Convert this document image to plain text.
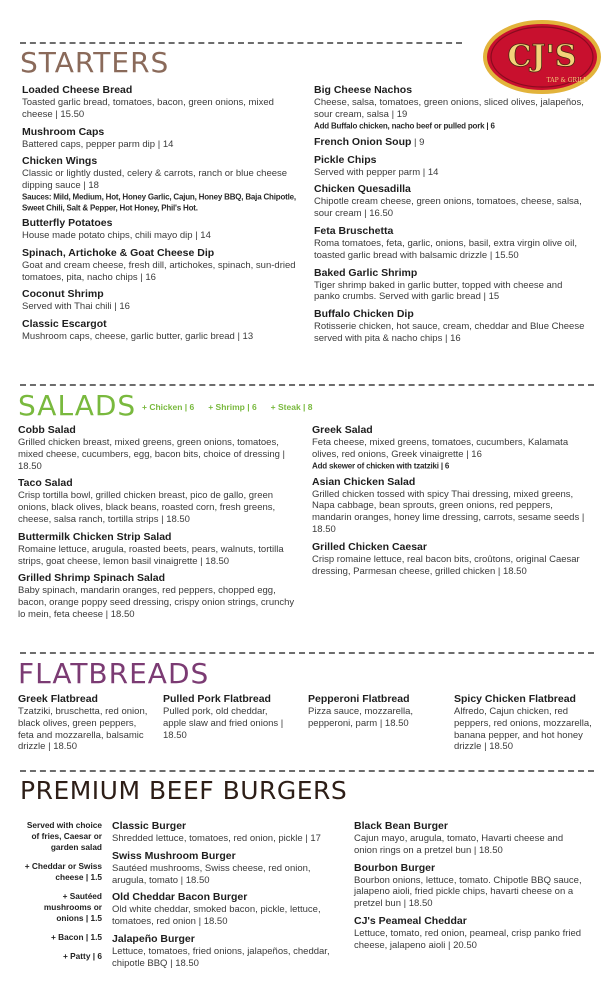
CJ'S
TAP & GRILL
STARTERS
Loaded Cheese Bread
Toasted garlic bread, tomatoes, bacon, green onions, mixed cheese | 15.50
Mushroom Caps
Battered caps, pepper parm dip | 14
Chicken Wings
Classic or lightly dusted, celery & carrots, ranch or blue cheese dipping sauce | 18
Sauces: Mild, Medium, Hot, Honey Garlic, Cajun, Honey BBQ, Baja Chipotle, Sweet Chili, Salt & Pepper, Hot Honey, Phil's Hot.
Butterfly Potatoes
House made potato chips, chili mayo dip | 14
Spinach, Artichoke & Goat Cheese Dip
Goat and cream cheese, fresh dill, artichokes, spinach, sun-dried tomatoes, pita, nacho chips | 16
Coconut Shrimp
Served with Thai chili | 16
Classic Escargot
Mushroom caps, cheese, garlic butter, garlic bread | 13
Big Cheese Nachos
Cheese, salsa, tomatoes, green onions, sliced olives, jalapeños, sour cream, salsa | 19
Add Buffalo chicken, nacho beef or pulled pork | 6
French Onion Soup | 9
Pickle Chips
Served with pepper parm | 14
Chicken Quesadilla
Chipotle cream cheese, green onions, tomatoes, cheese, salsa, sour cream | 16.50
Feta Bruschetta
Roma tomatoes, feta, garlic, onions, basil, extra virgin olive oil, toasted garlic bread with balsamic drizzle | 15.50
Baked Garlic Shrimp
Tiger shrimp baked in garlic butter, topped with cheese and panko crumbs. Served with garlic bread | 15
Buffalo Chicken Dip
Rotisserie chicken, hot sauce, cream, cheddar and Blue Cheese served with pita & nacho chips | 16
SALADS + Chicken | 6 + Shrimp | 6 + Steak | 8
Cobb Salad
Grilled chicken breast, mixed greens, green onions, tomatoes, mixed cheese, cucumbers, egg, bacon bits, choice of dressing | 18.50
Taco Salad
Crisp tortilla bowl, grilled chicken breast, pico de gallo, green onions, black olives, black beans, roasted corn, fresh greens, cheese, salsa ranch, tortilla strips | 18.50
Buttermilk Chicken Strip Salad
Romaine lettuce, arugula, roasted beets, pears, walnuts, tortilla strips, goat cheese, lemon basil vinaigrette | 18.50
Grilled Shrimp Spinach Salad
Baby spinach, mandarin oranges, red peppers, chopped egg, bacon, orange poppy seed dressing, crispy onion strings, crunchy lo mein, feta cheese | 18.50
Greek Salad
Feta cheese, mixed greens, tomatoes, cucumbers, Kalamata olives, red onions, Greek vinaigrette | 16
Add skewer of chicken with tzatziki | 6
Asian Chicken Salad
Grilled chicken tossed with spicy Thai dressing, mixed greens, Napa cabbage, bean sprouts, green onions, red peppers, mandarin oranges, honey lime dressing, carrots, sesame seeds | 18.50
Grilled Chicken Caesar
Crisp romaine lettuce, real bacon bits, croûtons, original Caesar dressing, Parmesan cheese, grilled chicken | 18.50
FLATBREADS
Greek Flatbread
Tzatziki, bruschetta, red onion, black olives, green peppers, feta and mozzarella, balsamic drizzle | 18.50
Pulled Pork Flatbread
Pulled pork, old cheddar, apple slaw and fried onions | 18.50
Pepperoni Flatbread
Pizza sauce, mozzarella, pepperoni, parm | 18.50
Spicy Chicken Flatbread
Alfredo, Cajun chicken, red peppers, red onions, mozzarella, banana pepper, and hot honey drizzle | 18.50
PREMIUM BEEF BURGERS
Served with choice of fries, Caesar or garden salad
+ Cheddar or Swiss cheese | 1.5
+ Sautéed mushrooms or onions | 1.5
+ Bacon | 1.5
+ Patty | 6
Classic Burger
Shredded lettuce, tomatoes, red onion, pickle | 17
Swiss Mushroom Burger
Sautéed mushrooms, Swiss cheese, red onion, arugula, tomato | 18.50
Old Cheddar Bacon Burger
Old white cheddar, smoked bacon, pickle, lettuce, tomatoes, red onion | 18.50
Jalapeño Burger
Lettuce, tomatoes, fried onions, jalapeños, cheddar, chipotle BBQ | 18.50
Black Bean Burger
Cajun mayo, arugula, tomato, Havarti cheese and onion rings on a pretzel bun | 18.50
Bourbon Burger
Bourbon onions, lettuce, tomato. Chipotle BBQ sauce, jalapeno aioli, fried pickle chips, havarti cheese on a pretzel bun | 18.50
CJ's Peameal Cheddar
Lettuce, tomato, red onion, peameal, crisp panko fried cheese, jalapeno aioli | 20.50
